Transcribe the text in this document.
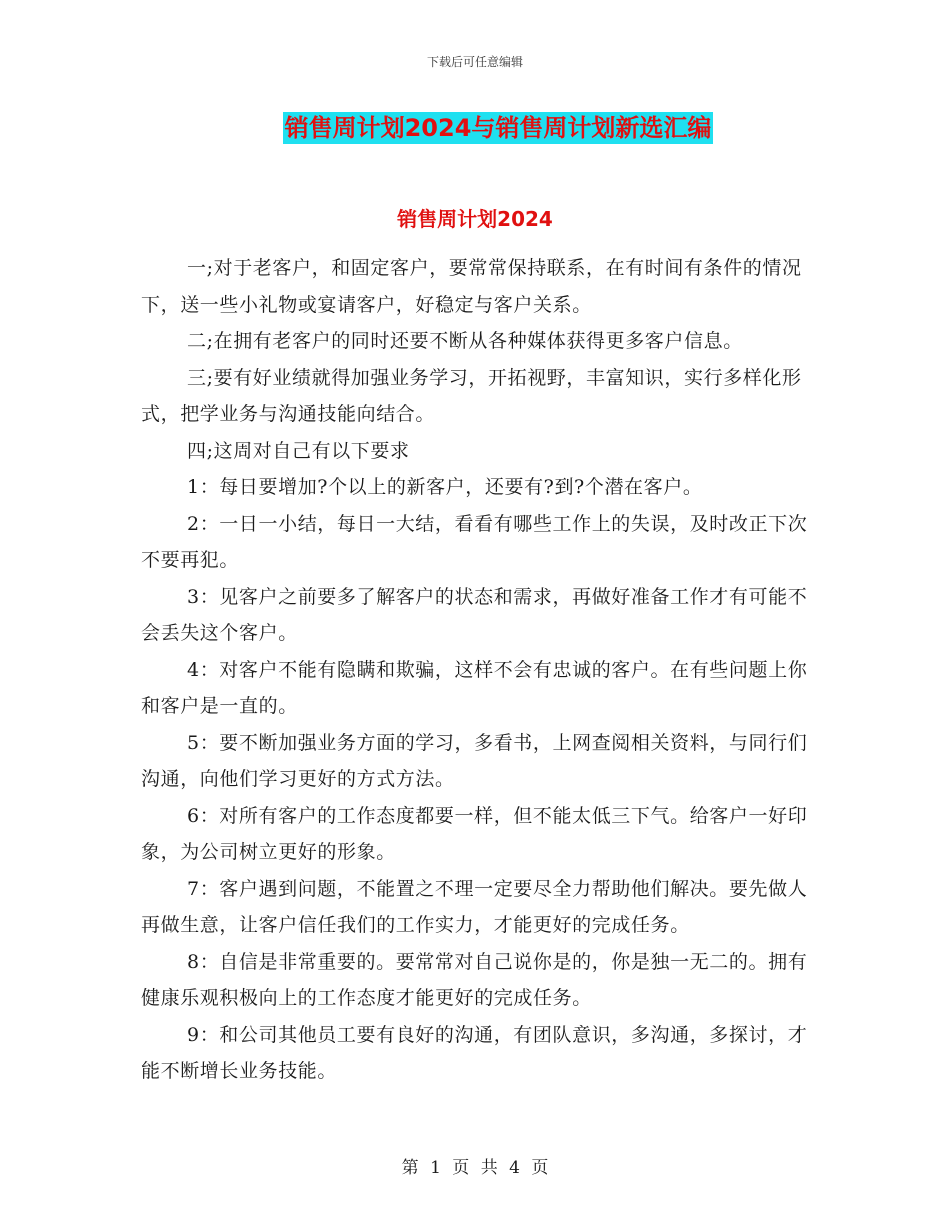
下载后可任意编辑
销售周计划2024与销售周计划新选汇编
销售周计划2024

一;对于老客户，和固定客户，要常常保持联系，在有时间有条件的情况下，送一些小礼物或宴请客户，好稳定与客户关系。

二;在拥有老客户的同时还要不断从各种媒体获得更多客户信息。

三;要有好业绩就得加强业务学习，开拓视野，丰富知识，实行多样化形式，把学业务与沟通技能向结合。

四;这周对自己有以下要求

1：每日要增加?个以上的新客户，还要有?到?个潜在客户。

2：一日一小结，每日一大结，看看有哪些工作上的失误，及时改正下次不要再犯。

3：见客户之前要多了解客户的状态和需求，再做好准备工作才有可能不会丢失这个客户。

4：对客户不能有隐瞒和欺骗，这样不会有忠诚的客户。在有些问题上你和客户是一直的。

5：要不断加强业务方面的学习，多看书，上网查阅相关资料，与同行们沟通，向他们学习更好的方式方法。

6：对所有客户的工作态度都要一样，但不能太低三下气。给客户一好印象，为公司树立更好的形象。

7：客户遇到问题，不能置之不理一定要尽全力帮助他们解决。要先做人再做生意，让客户信任我们的工作实力，才能更好的完成任务。

8：自信是非常重要的。要常常对自己说你是的，你是独一无二的。拥有健康乐观积极向上的工作态度才能更好的完成任务。

9：和公司其他员工要有良好的沟通，有团队意识，多沟通，多探讨，才能不断增长业务技能。

第 1 页 共 4 页
